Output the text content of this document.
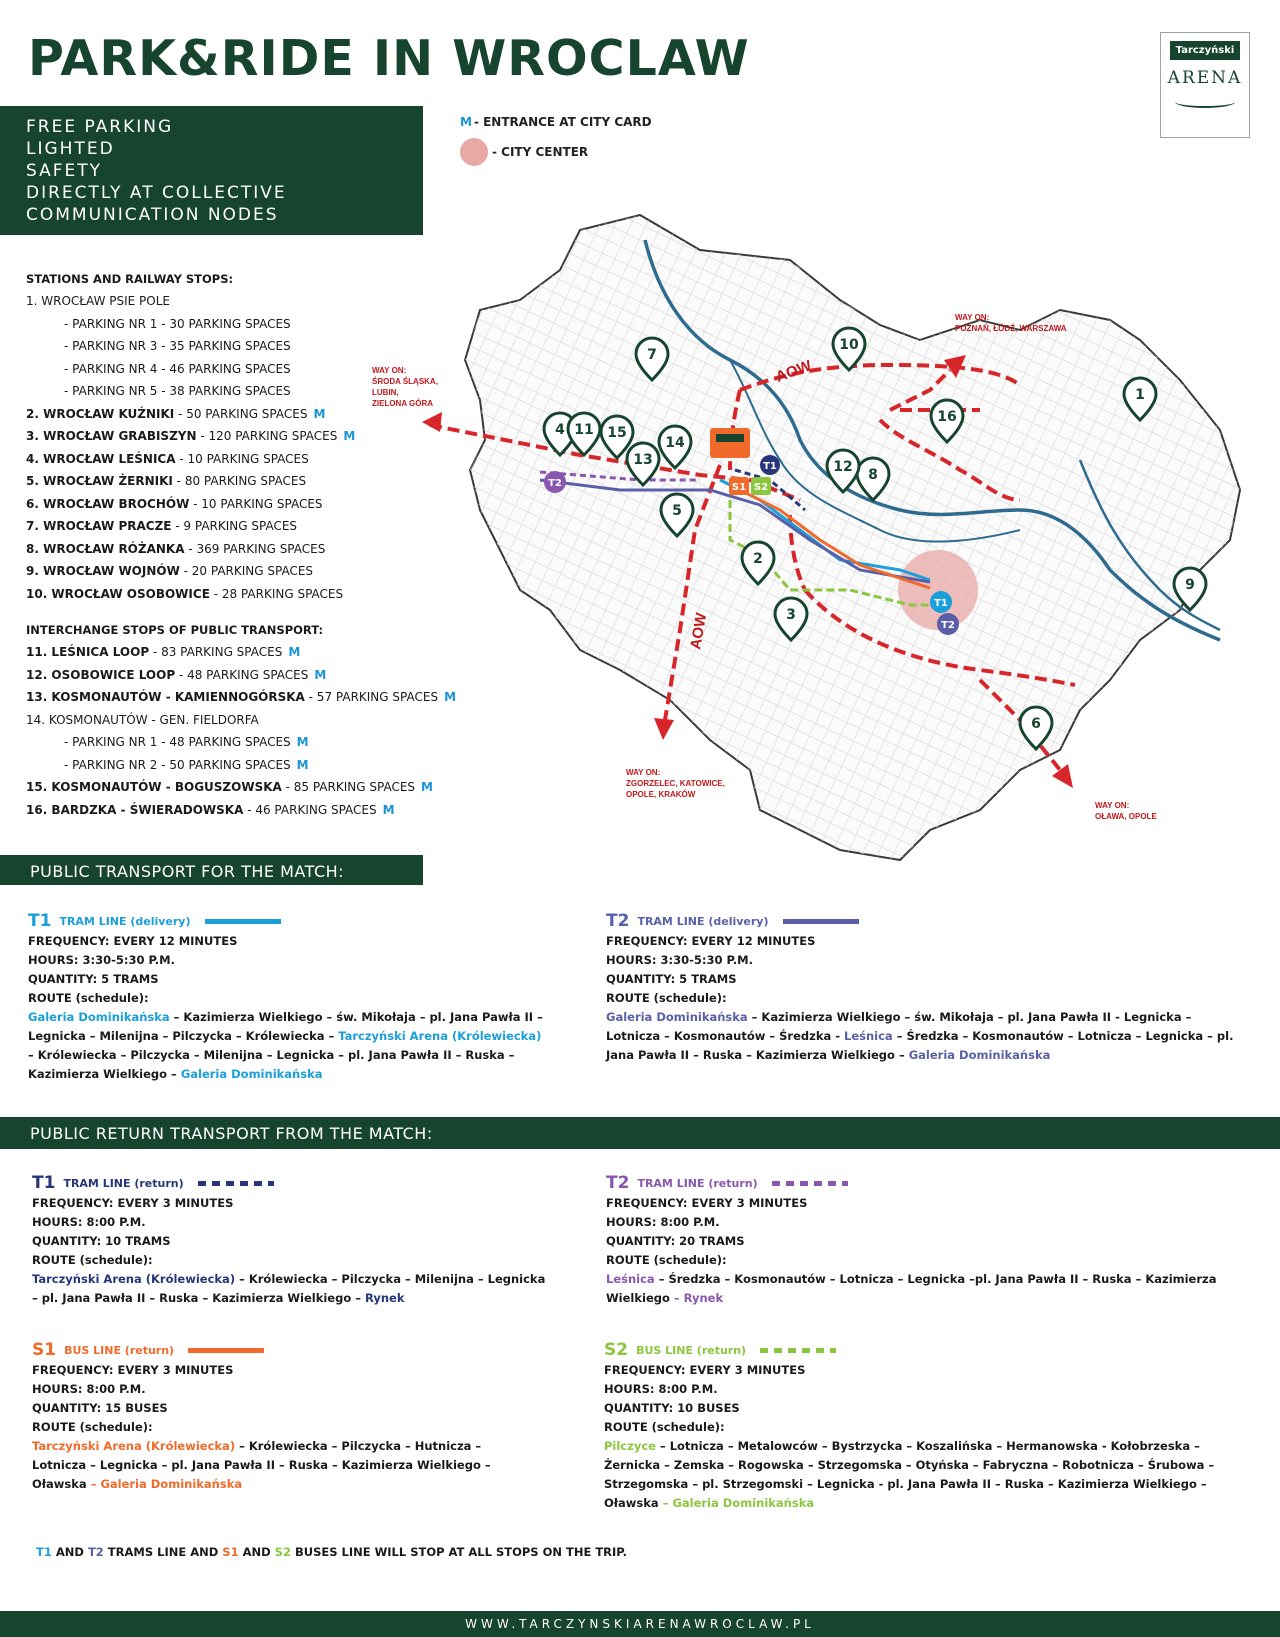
PARK&RIDE IN WROCLAW	Tarczyński
ARENA
FREE PARKING
LIGHTED
SAFETY
DIRECTLY AT COLLECTIVE
COMMUNICATION NODES
M - ENTRANCE AT CITY CARD
- CITY CENTER
STATIONS AND RAILWAY STOPS:
1. WROCŁAW PSIE POLE
- PARKING NR 1 - 30 PARKING SPACES
- PARKING NR 3 - 35 PARKING SPACES
- PARKING NR 4 - 46 PARKING SPACES
- PARKING NR 5 - 38 PARKING SPACES
2. WROCŁAW KUŹNIKI - 50 PARKING SPACES M
3. WROCŁAW GRABISZYN - 120 PARKING SPACES M
4. WROCŁAW LEŚNICA - 10 PARKING SPACES
5. WROCŁAW ŻERNIKI - 80 PARKING SPACES
6. WROCŁAW BROCHÓW - 10 PARKING SPACES
7. WROCŁAW PRACZE - 9 PARKING SPACES
8. WROCŁAW RÓŻANKA - 369 PARKING SPACES
9. WROCŁAW WOJNÓW - 20 PARKING SPACES
10. WROCŁAW OSOBOWICE - 28 PARKING SPACES
INTERCHANGE STOPS OF PUBLIC TRANSPORT:
11. LEŚNICA LOOP - 83 PARKING SPACES M
12. OSOBOWICE LOOP - 48 PARKING SPACES M
13. KOSMONAUTÓW - KAMIENNOGÓRSKA - 57 PARKING SPACES M
14. KOSMONAUTÓW - GEN. FIELDORFA
- PARKING NR 1 - 48 PARKING SPACES M
- PARKING NR 2 - 50 PARKING SPACES M
15. KOSMONAUTÓW - BOGUSZOWSKA - 85 PARKING SPACES M
16. BARDZKA - ŚWIERADOWSKA - 46 PARKING SPACES M
WAY ON: ŚRODA ŚLĄSKA, LUBIN, ZIELONA GÓRA
WAY ON: POZNAŃ, ŁÓDŹ, WARSZAWA
WAY ON: ZGORZELEC, KATOWICE, OPOLE, KRAKÓW
WAY ON: OŁAWA, OPOLE
AOW
AOW
T1
T2	S1 S2
T1
T2
1
2
3
4
5
6
7
8
9
10
11
12
13
14
15
16
PUBLIC TRANSPORT FOR THE MATCH:
T1 TRAM LINE (delivery)
FREQUENCY: EVERY 12 MINUTES
HOURS: 3:30-5:30 P.M.
QUANTITY: 5 TRAMS
ROUTE (schedule):
Galeria Dominikańska – Kazimierza Wielkiego – św. Mikołaja – pl. Jana Pawła II – Legnicka – Milenijna – Pilczycka – Królewiecka – Tarczyński Arena (Królewiecka) – Królewiecka – Pilczycka – Milenijna – Legnicka – pl. Jana Pawła II – Ruska – Kazimierza Wielkiego – Galeria Dominikańska
T2 TRAM LINE (delivery)
FREQUENCY: EVERY 12 MINUTES
HOURS: 3:30-5:30 P.M.
QUANTITY: 5 TRAMS
ROUTE (schedule):
Galeria Dominikańska – Kazimierza Wielkiego – św. Mikołaja – pl. Jana Pawła II - Legnicka – Lotnicza – Kosmonautów – Średzka - Leśnica – Średzka – Kosmonautów – Lotnicza – Legnicka – pl. Jana Pawła II – Ruska – Kazimierza Wielkiego – Galeria Dominikańska
PUBLIC RETURN TRANSPORT FROM THE MATCH:
T1 TRAM LINE (return)
FREQUENCY: EVERY 3 MINUTES
HOURS: 8:00 P.M.
QUANTITY: 10 TRAMS
ROUTE (schedule):
Tarczyński Arena (Królewiecka) – Królewiecka – Pilczycka – Milenijna – Legnicka – pl. Jana Pawła II – Ruska – Kazimierza Wielkiego – Rynek
T2 TRAM LINE (return)
FREQUENCY: EVERY 3 MINUTES
HOURS: 8:00 P.M.
QUANTITY: 20 TRAMS
ROUTE (schedule):
Leśnica – Średzka – Kosmonautów – Lotnicza – Legnicka –pl. Jana Pawła II – Ruska – Kazimierza Wielkiego – Rynek
S1 BUS LINE (return)
FREQUENCY: EVERY 3 MINUTES
HOURS: 8:00 P.M.
QUANTITY: 15 BUSES
ROUTE (schedule):
Tarczyński Arena (Królewiecka) – Królewiecka – Pilczycka – Hutnicza – Lotnicza – Legnicka – pl. Jana Pawła II – Ruska – Kazimierza Wielkiego – Oławska – Galeria Dominikańska
S2 BUS LINE (return)
FREQUENCY: EVERY 3 MINUTES
HOURS: 8:00 P.M.
QUANTITY: 10 BUSES
ROUTE (schedule):
Pilczyce – Lotnicza – Metalowców – Bystrzycka – Koszalińska – Hermanowska - Kołobrzeska – Żernicka – Zemska – Rogowska – Strzegomska – Otyńska – Fabryczna – Robotnicza – Śrubowa – Strzegomska – pl. Strzegomski – Legnicka - pl. Jana Pawła II – Ruska – Kazimierza Wielkiego – Oławska – Galeria Dominikańska
T1 AND T2 TRAMS LINE AND S1 AND S2 BUSES LINE WILL STOP AT ALL STOPS ON THE TRIP.
WWW.TARCZYNSKIARENAWROCLAW.PL
